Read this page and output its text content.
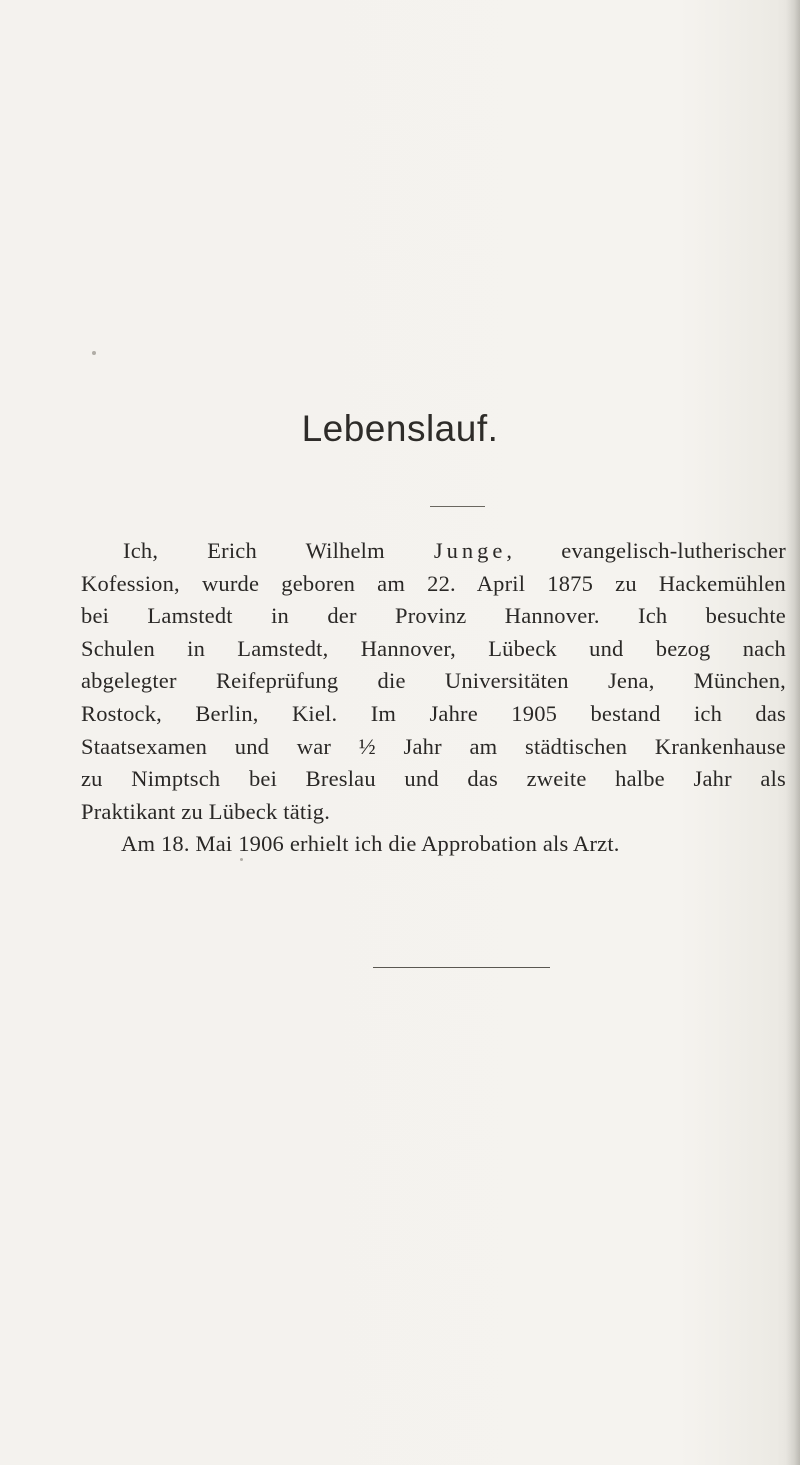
Lebenslauf.
Ich, Erich Wilhelm Junge, evangelisch-lutherischer
Kofession, wurde geboren am 22. April 1875 zu Hackemühlen
bei Lamstedt in der Provinz Hannover. Ich besuchte
Schulen in Lamstedt, Hannover, Lübeck und bezog nach
abgelegter Reifeprüfung die Universitäten Jena, München,
Rostock, Berlin, Kiel. Im Jahre 1905 bestand ich das
Staatsexamen und war ½ Jahr am städtischen Krankenhause
zu Nimptsch bei Breslau und das zweite halbe Jahr als
Praktikant zu Lübeck tätig.
Am 18. Mai 1906 erhielt ich die Approbation als Arzt.
